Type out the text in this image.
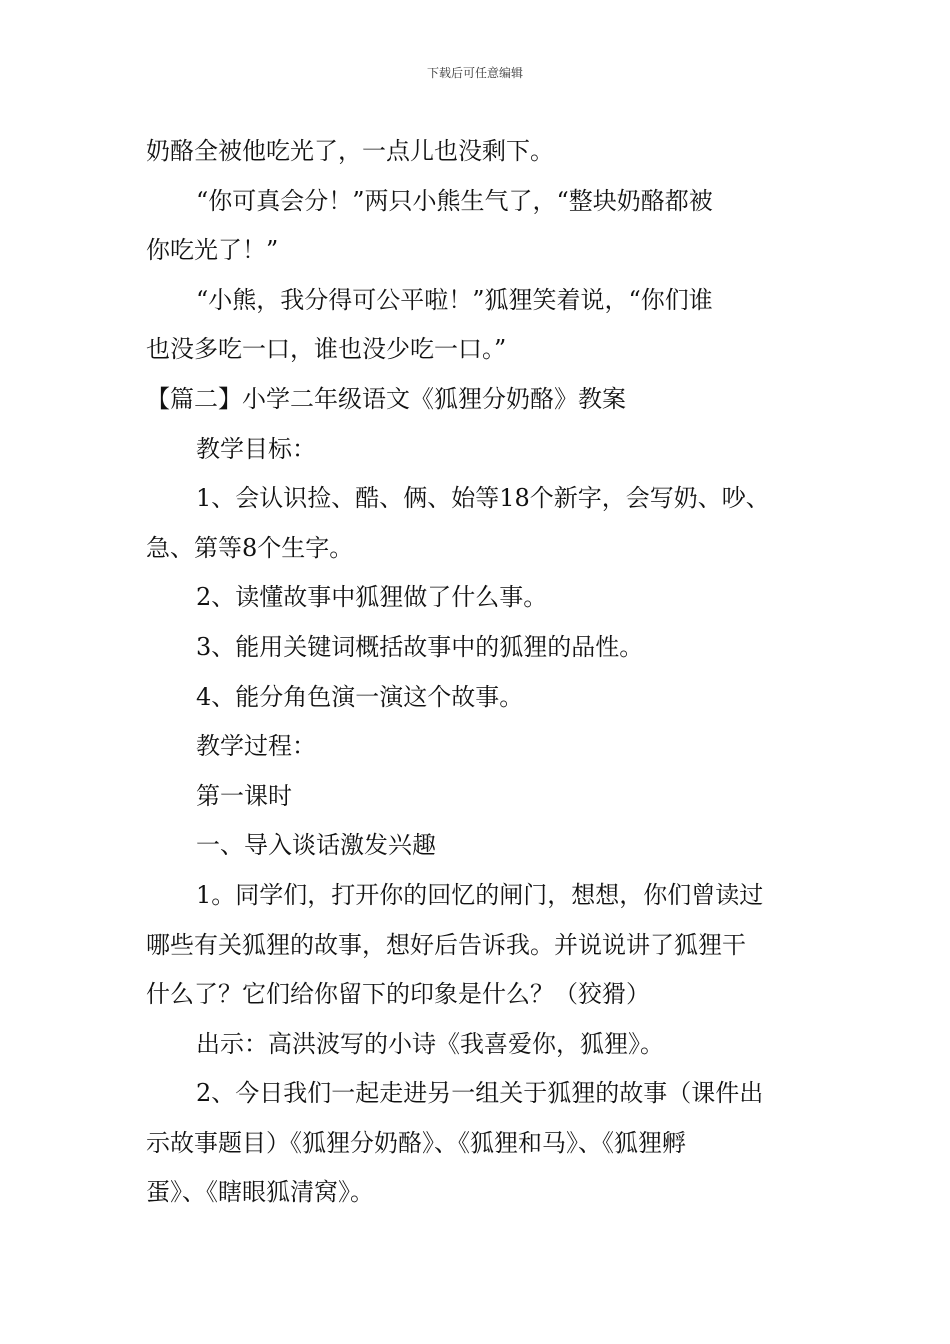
下载后可任意编辑

奶酪全被他吃光了，一点儿也没剩下。

“你可真会分！”两只小熊生气了，“整块奶酪都被

你吃光了！”

“小熊，我分得可公平啦！”狐狸笑着说，“你们谁

也没多吃一口，谁也没少吃一口。”

【篇二】小学二年级语文《狐狸分奶酪》教案

教学目标：

1、会认识捡、酷、俩、始等18个新字，会写奶、吵、

急、第等8个生字。

2、读懂故事中狐狸做了什么事。

3、能用关键词概括故事中的狐狸的品性。

4、能分角色演一演这个故事。

教学过程：

第一课时

一、导入谈话激发兴趣

1。同学们，打开你的回忆的闸门，想想，你们曾读过

哪些有关狐狸的故事，想好后告诉我。并说说讲了狐狸干

什么了？它们给你留下的印象是什么？（狡猾）

出示：高洪波写的小诗《我喜爱你，狐狸》。

2、今日我们一起走进另一组关于狐狸的故事（课件出

示故事题目）《狐狸分奶酪》、《狐狸和马》、《狐狸孵

蛋》、《瞎眼狐清窝》。
